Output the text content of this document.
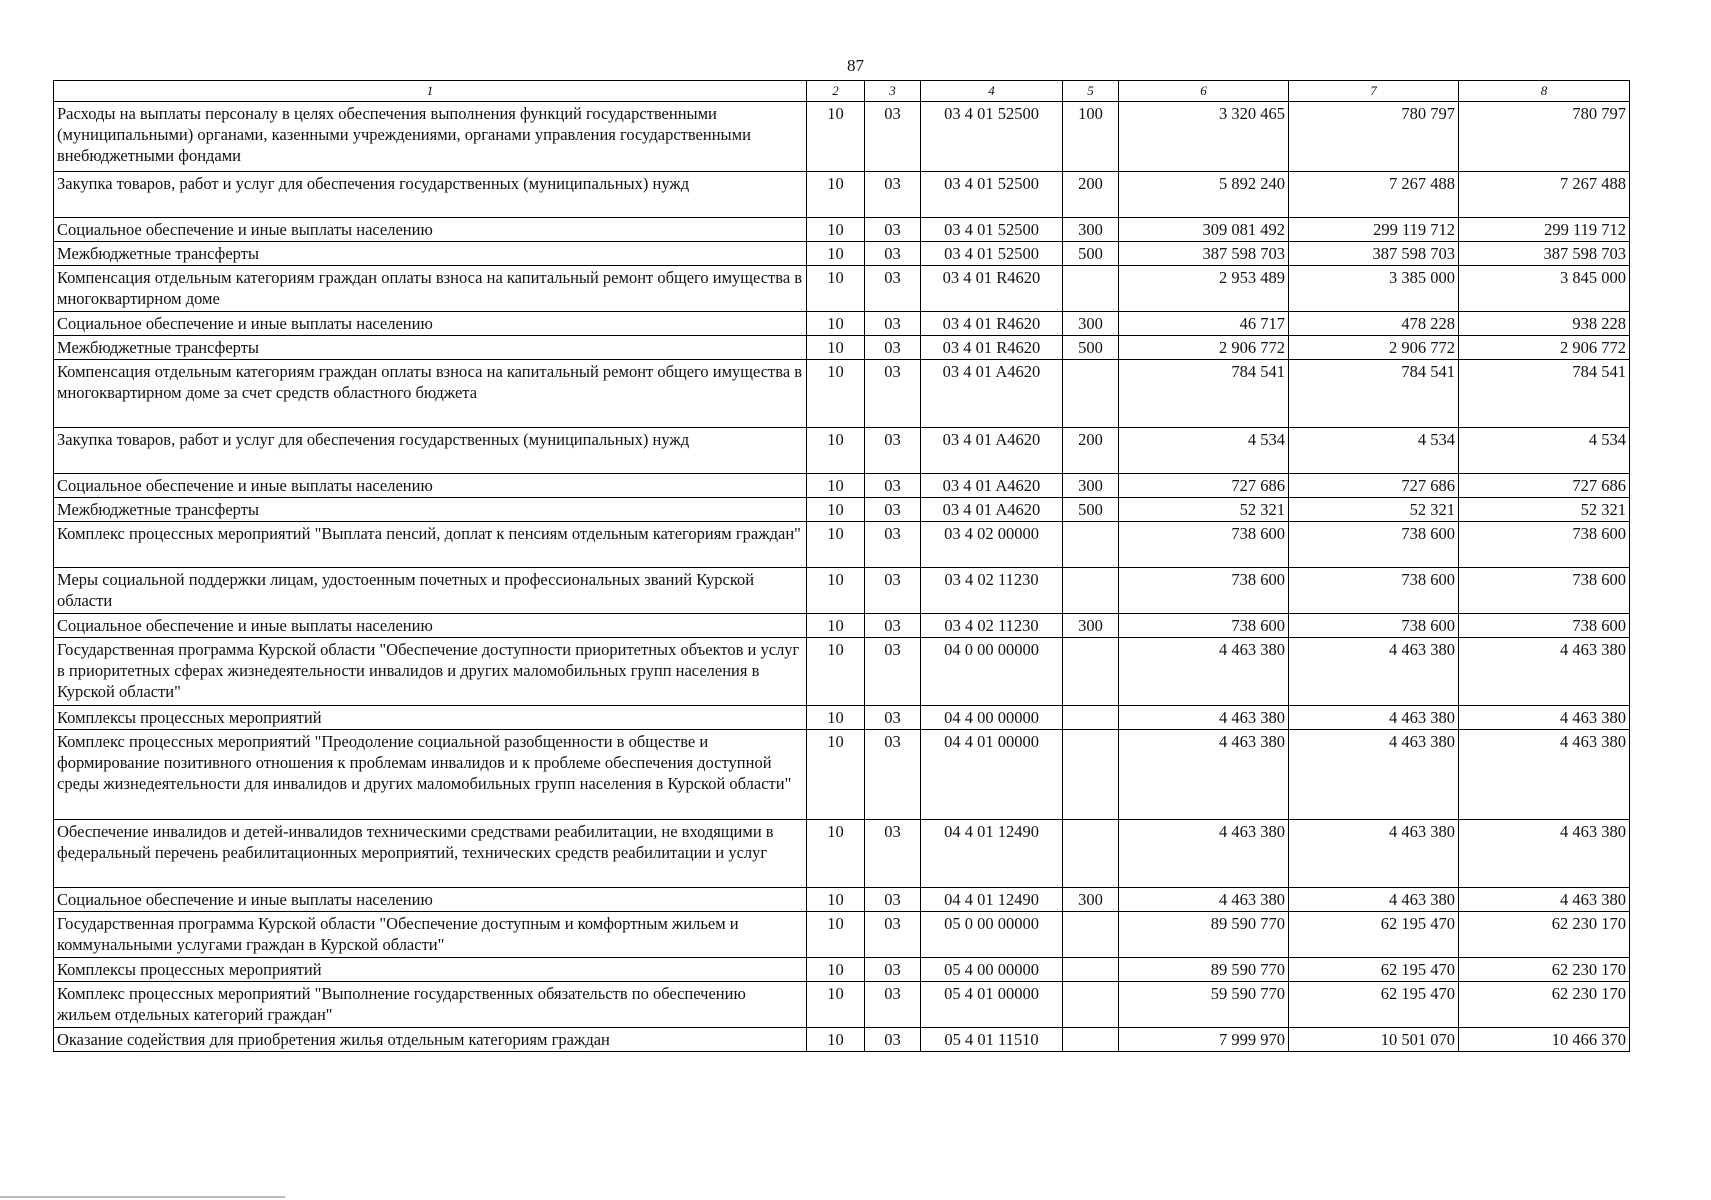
87
1	2	3	4	5	6	7	8
Расходы на выплаты персоналу в целях обеспечения выполнения функций государственными (муниципальными) органами, казенными учреждениями, органами управления государственными внебюджетными фондами	10	03	03 4 01 52500	100	3 320 465	780 797	780 797
Закупка товаров, работ и услуг для обеспечения государственных (муниципальных) нужд	10	03	03 4 01 52500	200	5 892 240	7 267 488	7 267 488
Социальное обеспечение и иные выплаты населению	10	03	03 4 01 52500	300	309 081 492	299 119 712	299 119 712
Межбюджетные трансферты	10	03	03 4 01 52500	500	387 598 703	387 598 703	387 598 703
Компенсация отдельным категориям граждан оплаты взноса на капитальный ремонт общего имущества в многоквартирном доме	10	03	03 4 01 R4620		2 953 489	3 385 000	3 845 000
Социальное обеспечение и иные выплаты населению	10	03	03 4 01 R4620	300	46 717	478 228	938 228
Межбюджетные трансферты	10	03	03 4 01 R4620	500	2 906 772	2 906 772	2 906 772
Компенсация отдельным категориям граждан оплаты взноса на капитальный ремонт общего имущества в многоквартирном доме за счет средств областного бюджета	10	03	03 4 01 A4620		784 541	784 541	784 541
Закупка товаров, работ и услуг для обеспечения государственных (муниципальных) нужд	10	03	03 4 01 A4620	200	4 534	4 534	4 534
Социальное обеспечение и иные выплаты населению	10	03	03 4 01 A4620	300	727 686	727 686	727 686
Межбюджетные трансферты	10	03	03 4 01 A4620	500	52 321	52 321	52 321
Комплекс процессных мероприятий "Выплата пенсий, доплат к пенсиям отдельным категориям граждан"	10	03	03 4 02 00000		738 600	738 600	738 600
Меры социальной поддержки лицам, удостоенным почетных и профессиональных званий Курской области	10	03	03 4 02 11230		738 600	738 600	738 600
Социальное обеспечение и иные выплаты населению	10	03	03 4 02 11230	300	738 600	738 600	738 600
Государственная программа Курской области "Обеспечение доступности приоритетных объектов и услуг в приоритетных сферах жизнедеятельности инвалидов и других маломобильных групп населения в Курской области"	10	03	04 0 00 00000		4 463 380	4 463 380	4 463 380
Комплексы процессных мероприятий	10	03	04 4 00 00000		4 463 380	4 463 380	4 463 380
Комплекс процессных мероприятий "Преодоление социальной разобщенности в обществе и формирование позитивного отношения к проблемам инвалидов и к проблеме обеспечения доступной среды жизнедеятельности для инвалидов и других маломобильных групп населения в Курской области"	10	03	04 4 01 00000		4 463 380	4 463 380	4 463 380
Обеспечение инвалидов и детей-инвалидов техническими средствами реабилитации, не входящими в федеральный перечень реабилитационных мероприятий, технических средств реабилитации и услуг	10	03	04 4 01 12490		4 463 380	4 463 380	4 463 380
Социальное обеспечение и иные выплаты населению	10	03	04 4 01 12490	300	4 463 380	4 463 380	4 463 380
Государственная программа Курской области "Обеспечение доступным и комфортным жильем и коммунальными услугами граждан в Курской области"	10	03	05 0 00 00000		89 590 770	62 195 470	62 230 170
Комплексы процессных мероприятий	10	03	05 4 00 00000		89 590 770	62 195 470	62 230 170
Комплекс процессных мероприятий "Выполнение государственных обязательств по обеспечению жильем отдельных категорий граждан"	10	03	05 4 01 00000		59 590 770	62 195 470	62 230 170
Оказание содействия для приобретения жилья отдельным категориям граждан	10	03	05 4 01 11510		7 999 970	10 501 070	10 466 370
